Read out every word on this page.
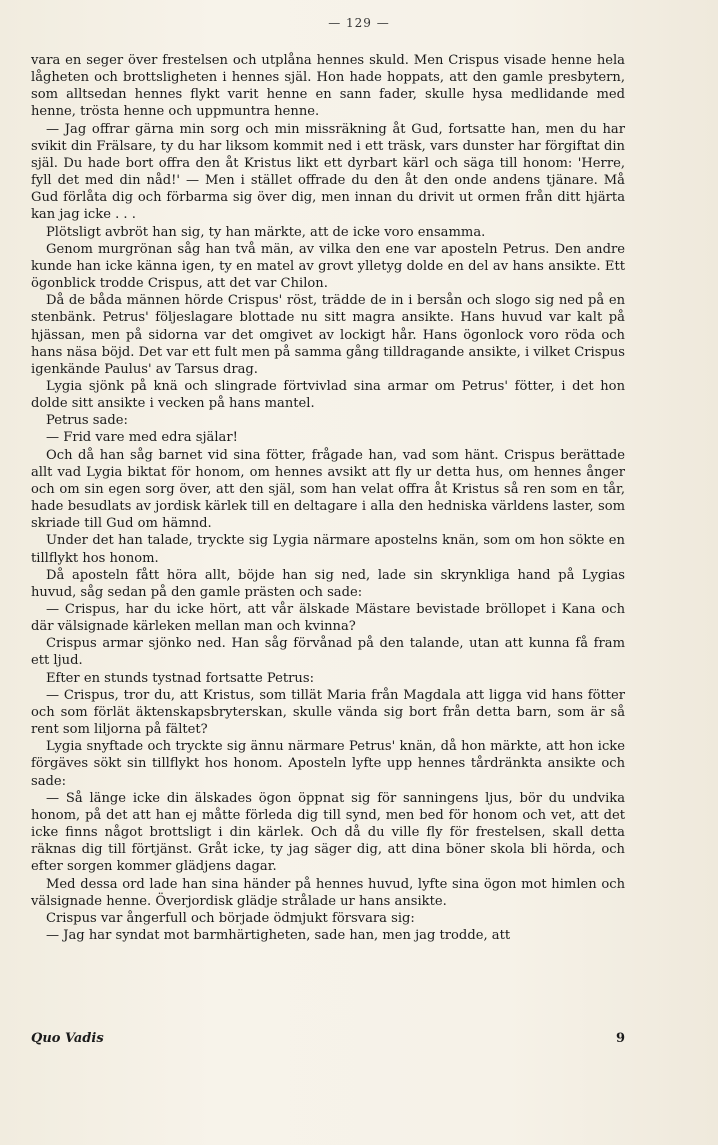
— 129 —

vara en seger över frestelsen och utplåna hennes skuld. Men Crispus visade henne hela lågheten och brottsligheten i hennes själ. Hon hade hoppats, att den gamle presbytern, som alltsedan hennes flykt varit henne en sann fader, skulle hysa medlidande med henne, trösta henne och uppmuntra henne.

— Jag offrar gärna min sorg och min missräkning åt Gud, fortsatte han, men du har svikit din Frälsare, ty du har liksom kommit ned i ett träsk, vars dunster har förgiftat din själ. Du hade bort offra den åt Kristus likt ett dyrbart kärl och säga till honom: 'Herre, fyll det med din nåd!' — Men i stället offrade du den åt den onde andens tjänare. Må Gud förlåta dig och förbarma sig över dig, men innan du drivit ut ormen från ditt hjärta kan jag icke . . .

Plötsligt avbröt han sig, ty han märkte, att de icke voro ensamma.

Genom murgrönan såg han två män, av vilka den ene var aposteln Petrus. Den andre kunde han icke känna igen, ty en matel av grovt ylletyg dolde en del av hans ansikte. Ett ögonblick trodde Crispus, att det var Chilon.

Då de båda männen hörde Crispus' röst, trädde de in i bersån och slogo sig ned på en stenbänk. Petrus' följeslagare blottade nu sitt magra ansikte. Hans huvud var kalt på hjässan, men på sidorna var det omgivet av lockigt hår. Hans ögonlock voro röda och hans näsa böjd. Det var ett fult men på samma gång tilldragande ansikte, i vilket Crispus igenkände Paulus' av Tarsus drag.

Lygia sjönk på knä och slingrade förtvivlad sina armar om Petrus' fötter, i det hon dolde sitt ansikte i vecken på hans mantel.

Petrus sade:

— Frid vare med edra själar!

Och då han såg barnet vid sina fötter, frågade han, vad som hänt. Crispus berättade allt vad Lygia biktat för honom, om hennes avsikt att fly ur detta hus, om hennes ånger och om sin egen sorg över, att den själ, som han velat offra åt Kristus så ren som en tår, hade besudlats av jordisk kärlek till en deltagare i alla den hedniska världens laster, som skriade till Gud om hämnd.

Under det han talade, tryckte sig Lygia närmare apostelns knän, som om hon sökte en tillflykt hos honom.

Då aposteln fått höra allt, böjde han sig ned, lade sin skrynkliga hand på Lygias huvud, såg sedan på den gamle prästen och sade:

— Crispus, har du icke hört, att vår älskade Mästare bevistade bröllopet i Kana och där välsignade kärleken mellan man och kvinna?

Crispus armar sjönko ned. Han såg förvånad på den talande, utan att kunna få fram ett ljud.

Efter en stunds tystnad fortsatte Petrus:

— Crispus, tror du, att Kristus, som tillät Maria från Magdala att ligga vid hans fötter och som förlät äktenskapsbryterskan, skulle vända sig bort från detta barn, som är så rent som liljorna på fältet?

Lygia snyftade och tryckte sig ännu närmare Petrus' knän, då hon märkte, att hon icke förgäves sökt sin tillflykt hos honom. Aposteln lyfte upp hennes tårdränkta ansikte och sade:

— Så länge icke din älskades ögon öppnat sig för sanningens ljus, bör du undvika honom, på det att han ej måtte förleda dig till synd, men bed för honom och vet, att det icke finns något brottsligt i din kärlek. Och då du ville fly för frestelsen, skall detta räknas dig till förtjänst. Gråt icke, ty jag säger dig, att dina böner skola bli hörda, och efter sorgen kommer glädjens dagar.

Med dessa ord lade han sina händer på hennes huvud, lyfte sina ögon mot himlen och välsignade henne. Överjordisk glädje strålade ur hans ansikte.

Crispus var ångerfull och började ödmjukt försvara sig:

— Jag har syndat mot barmhärtigheten, sade han, men jag trodde, att

Quo Vadis	9
